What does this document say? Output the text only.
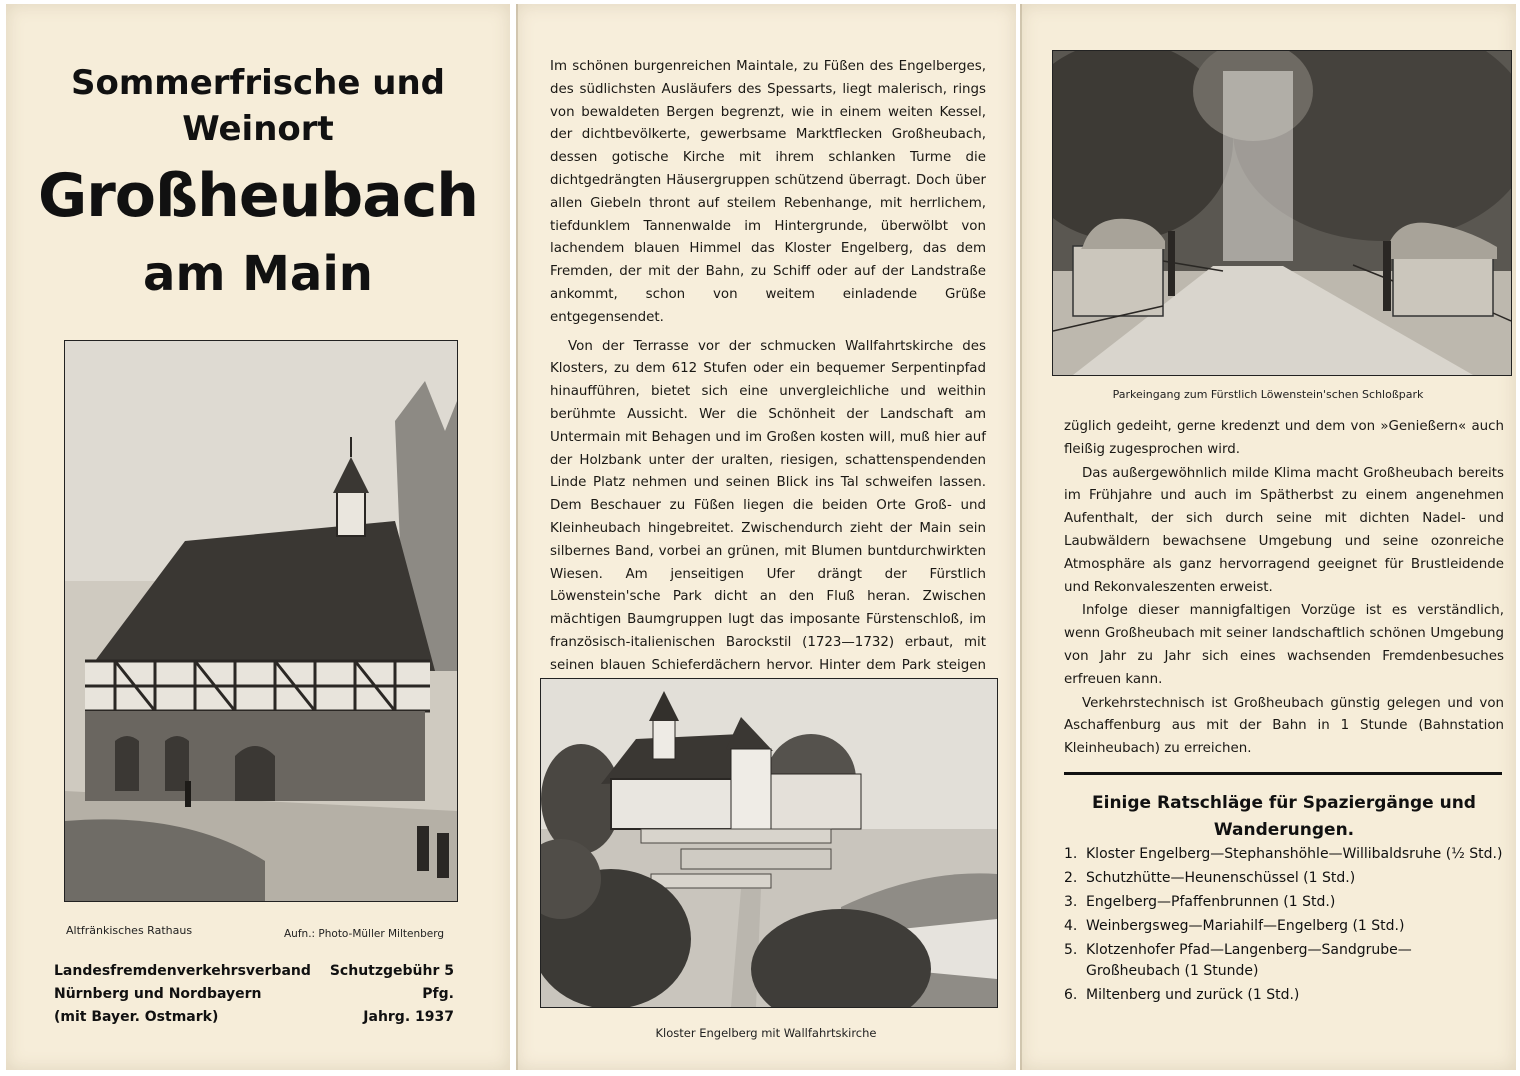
Sommerfrische und
Weinort
Großheubach
am Main
Altfränkisches Rathaus	Aufn.: Photo-Müller Miltenberg
Landesfremdenverkehrsverband
Nürnberg und Nordbayern
(mit Bayer. Ostmark)
Schutzgebühr 5 Pfg.
Jahrg. 1937

Im schönen burgenreichen Maintale, zu Füßen des Engelberges, des südlichsten Ausläufers des Spessarts, liegt malerisch, rings von bewaldeten Bergen begrenzt, wie in einem weiten Kessel, der dichtbevölkerte, gewerbsame Marktflecken Großheubach, dessen gotische Kirche mit ihrem schlanken Turme die dichtgedrängten Häusergruppen schützend überragt. Doch über allen Giebeln thront auf steilem Rebenhange, mit herrlichem, tiefdunklem Tannenwalde im Hintergrunde, überwölbt von lachendem blauen Himmel das Kloster Engelberg, das dem Fremden, der mit der Bahn, zu Schiff oder auf der Landstraße ankommt, schon von weitem einladende Grüße entgegensendet.

Von der Terrasse vor der schmucken Wallfahrtskirche des Klosters, zu dem 612 Stufen oder ein bequemer Serpentinpfad hinaufführen, bietet sich eine unvergleichliche und weithin berühmte Aussicht. Wer die Schönheit der Landschaft am Untermain mit Behagen und im Großen kosten will, muß hier auf der Holzbank unter der uralten, riesigen, schattenspendenden Linde Platz nehmen und seinen Blick ins Tal schweifen lassen. Dem Beschauer zu Füßen liegen die beiden Orte Groß- und Kleinheubach hingebreitet. Zwischendurch zieht der Main sein silbernes Band, vorbei an grünen, mit Blumen buntdurchwirkten Wiesen. Am jenseitigen Ufer drängt der Fürstlich Löwenstein'sche Park dicht an den Fluß heran. Zwischen mächtigen Baumgruppen lugt das imposante Fürstenschloß, im französisch-italienischen Barockstil (1723—1732) erbaut, mit seinen blauen Schieferdächern hervor. Hinter dem Park steigen

Kloster Engelberg mit Wallfahrtskirche
Parkeingang zum Fürstlich Löwenstein'schen Schloßpark

züglich gedeiht, gerne kredenzt und dem von »Genießern« auch fleißig zugesprochen wird.

Das außergewöhnlich milde Klima macht Großheubach bereits im Frühjahre und auch im Spätherbst zu einem angenehmen Aufenthalt, der sich durch seine mit dichten Nadel- und Laubwäldern bewachsene Umgebung und seine ozonreiche Atmosphäre als ganz hervorragend geeignet für Brustleidende und Rekonvaleszenten erweist.

Infolge dieser mannigfaltigen Vorzüge ist es verständlich, wenn Großheubach mit seiner landschaftlich schönen Umgebung von Jahr zu Jahr sich eines wachsenden Fremdenbesuches erfreuen kann.

Verkehrstechnisch ist Großheubach günstig gelegen und von Aschaffenburg aus mit der Bahn in 1 Stunde (Bahnstation Kleinheubach) zu erreichen.

Einige Ratschläge für Spaziergänge und Wanderungen.
1. Kloster Engelberg—Stephanshöhle—Willibaldsruhe (½ Std.)
2. Schutzhütte—Heunenschüssel (1 Std.)
3. Engelberg—Pfaffenbrunnen (1 Std.)
4. Weinbergsweg—Mariahilf—Engelberg (1 Std.)
5. Klotzenhofer Pfad—Langenberg—Sandgrube—Großheubach (1 Stunde)
6. Miltenberg und zurück (1 Std.)
